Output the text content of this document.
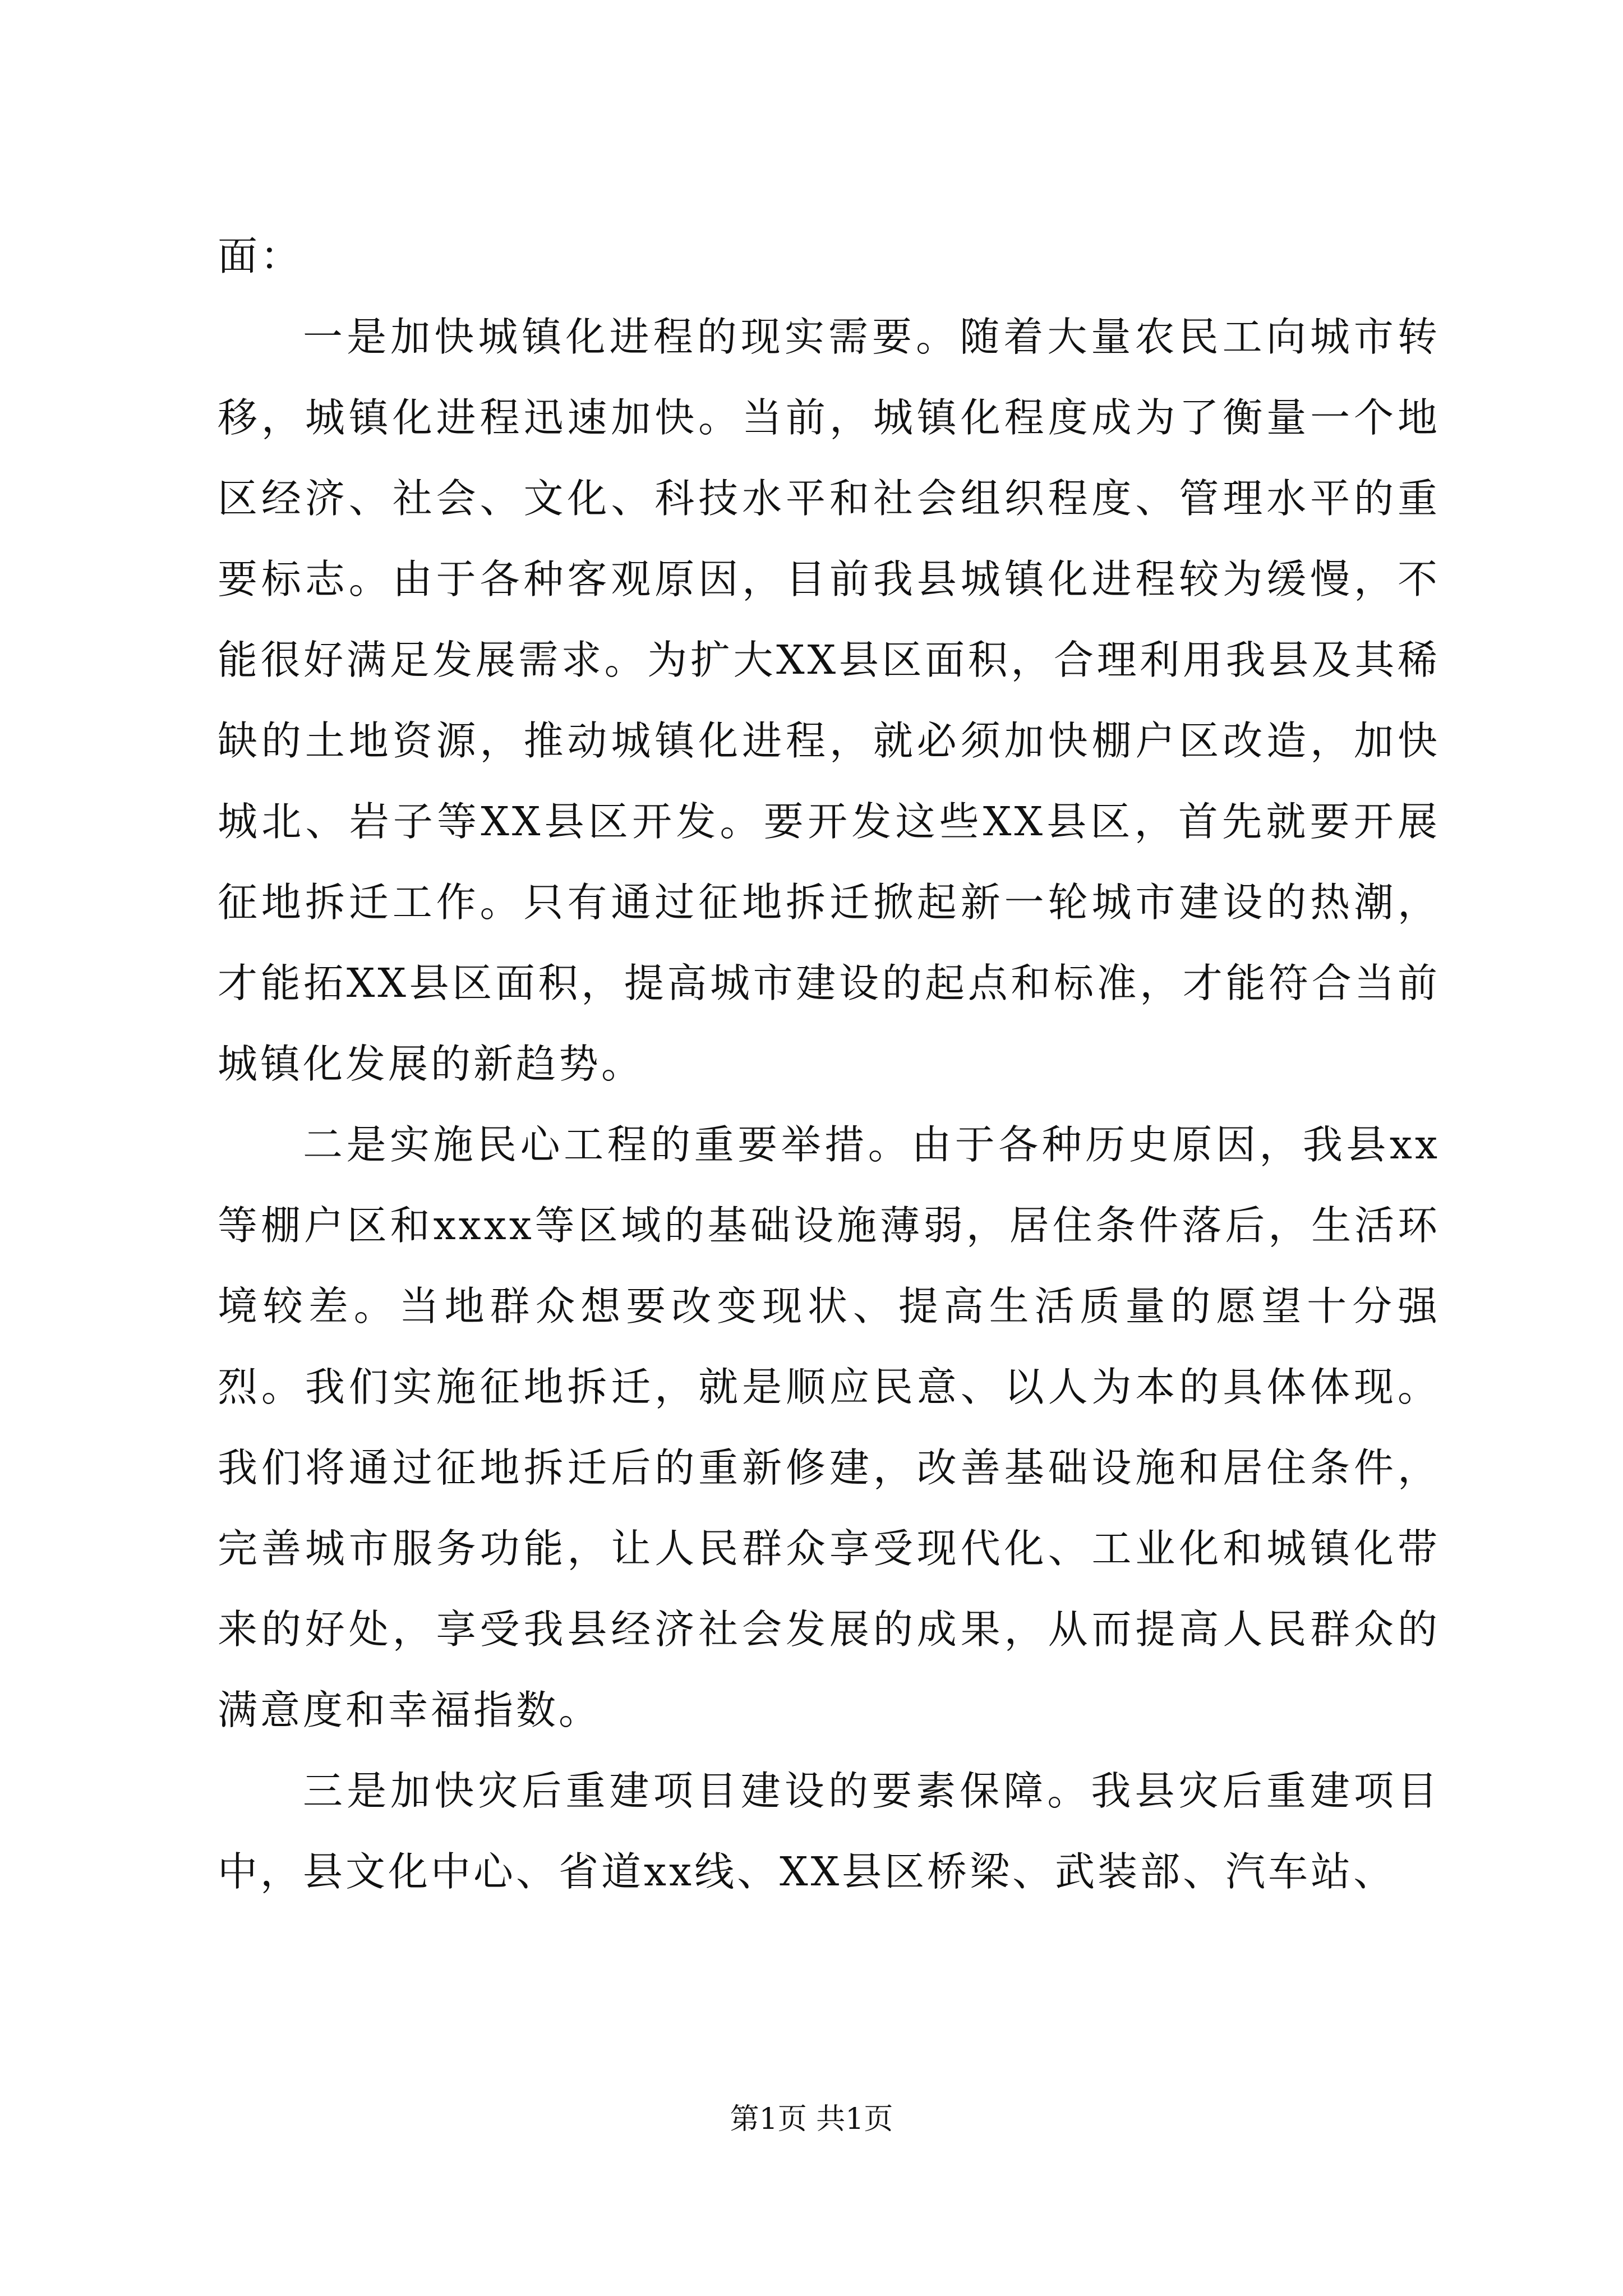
面：

一是加快城镇化进程的现实需要。随着大量农民工向城市转移，城镇化进程迅速加快。当前，城镇化程度成为了衡量一个地区经济、社会、文化、科技水平和社会组织程度、管理水平的重要标志。由于各种客观原因，目前我县城镇化进程较为缓慢，不能很好满足发展需求。为扩大XX县区面积，合理利用我县及其稀缺的土地资源，推动城镇化进程，就必须加快棚户区改造，加快城北、岩子等XX县区开发。要开发这些XX县区，首先就要开展征地拆迁工作。只有通过征地拆迁掀起新一轮城市建设的热潮，才能拓XX县区面积，提高城市建设的起点和标准，才能符合当前城镇化发展的新趋势。

二是实施民心工程的重要举措。由于各种历史原因，我县xx等棚户区和xxxx等区域的基础设施薄弱，居住条件落后，生活环境较差。当地群众想要改变现状、提高生活质量的愿望十分强烈。我们实施征地拆迁，就是顺应民意、以人为本的具体体现。我们将通过征地拆迁后的重新修建，改善基础设施和居住条件，完善城市服务功能，让人民群众享受现代化、工业化和城镇化带来的好处，享受我县经济社会发展的成果，从而提高人民群众的满意度和幸福指数。

三是加快灾后重建项目建设的要素保障。我县灾后重建项目中，县文化中心、省道xx线、XX县区桥梁、武装部、汽车站、

第1页 共1页
